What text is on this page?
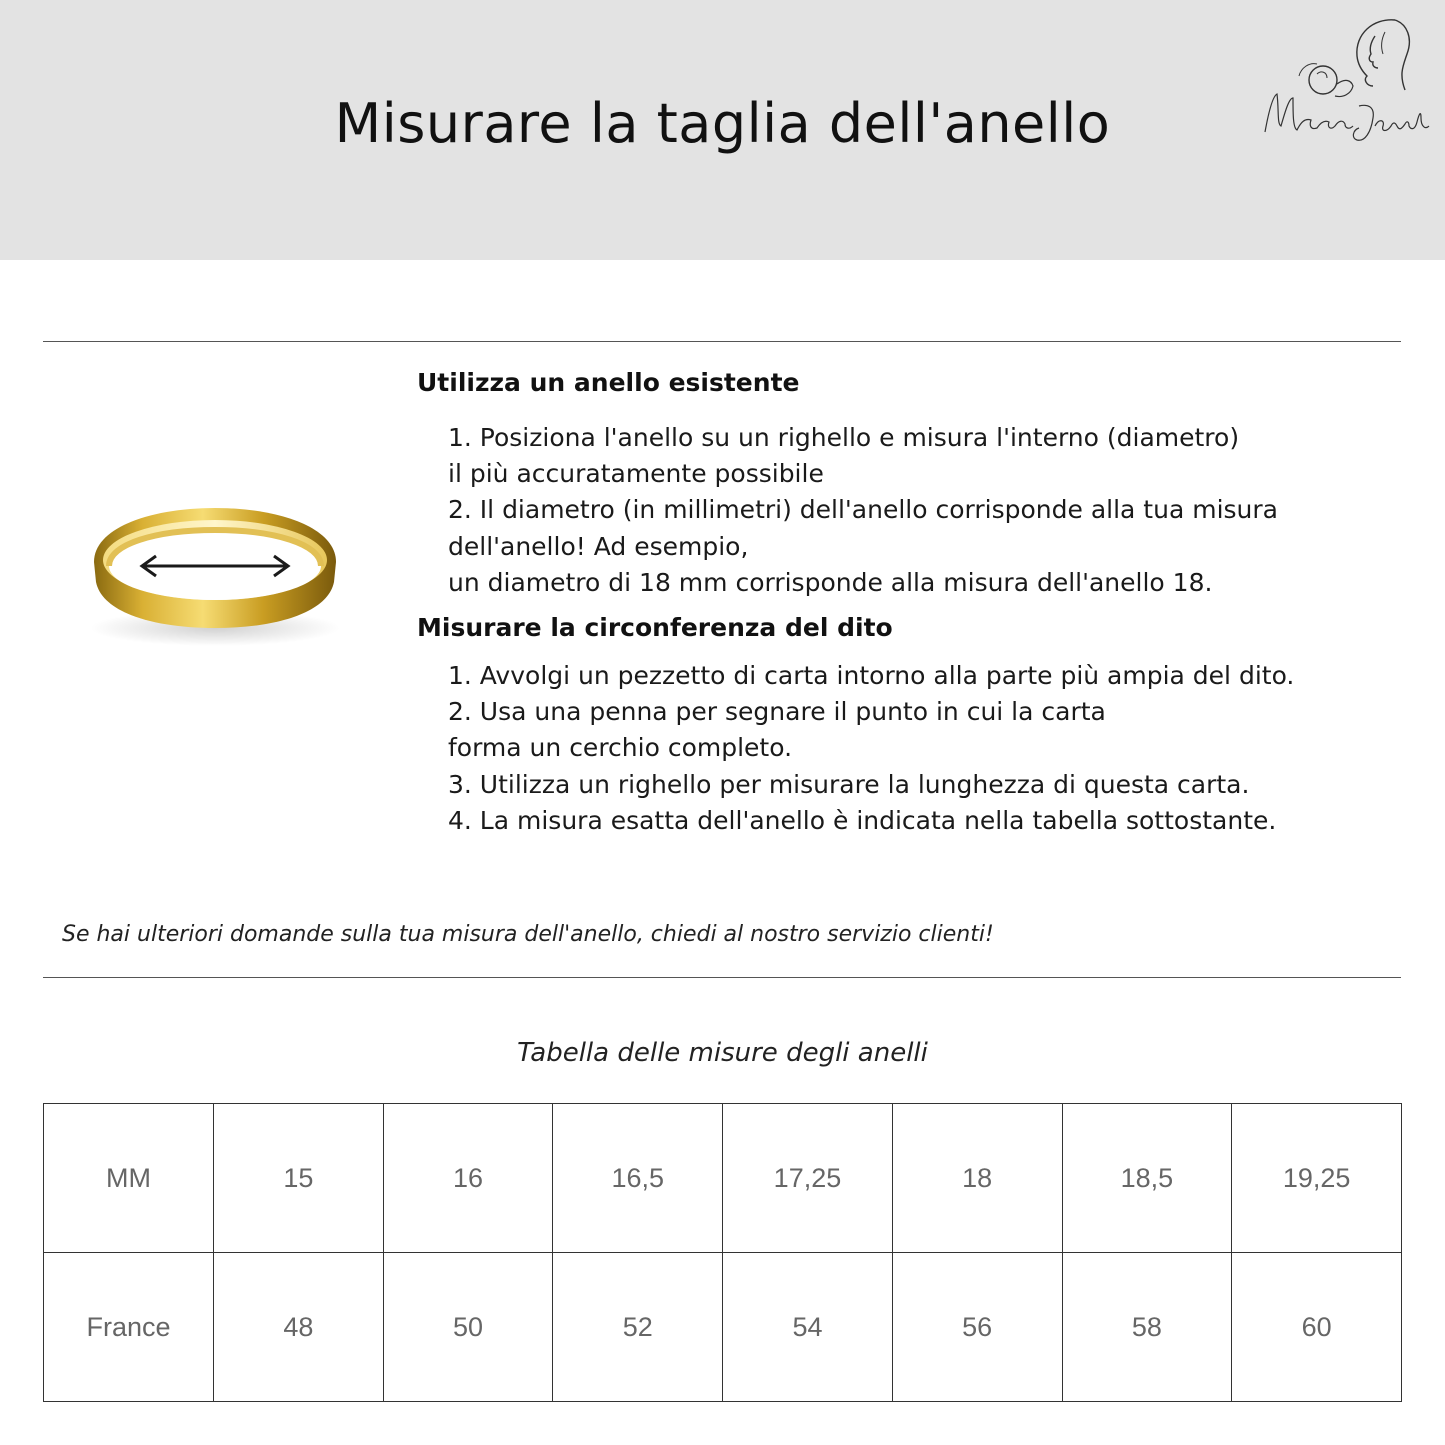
Misurare la taglia dell'anello
Utilizza un anello esistente
1. Posiziona l'anello su un righello e misura l'interno (diametro)
il più accuratamente possibile
2. Il diametro (in millimetri) dell'anello corrisponde alla tua misura
dell'anello! Ad esempio,
un diametro di 18 mm corrisponde alla misura dell'anello 18.
Misurare la circonferenza del dito
1. Avvolgi un pezzetto di carta intorno alla parte più ampia del dito.
2. Usa una penna per segnare il punto in cui la carta
forma un cerchio completo.
3. Utilizza un righello per misurare la lunghezza di questa carta.
4. La misura esatta dell'anello è indicata nella tabella sottostante.
Se hai ulteriori domande sulla tua misura dell'anello, chiedi al nostro servizio clienti!
Tabella delle misure degli anelli
MM	15	16	16,5	17,25	18	18,5	19,25
France	48	50	52	54	56	58	60
